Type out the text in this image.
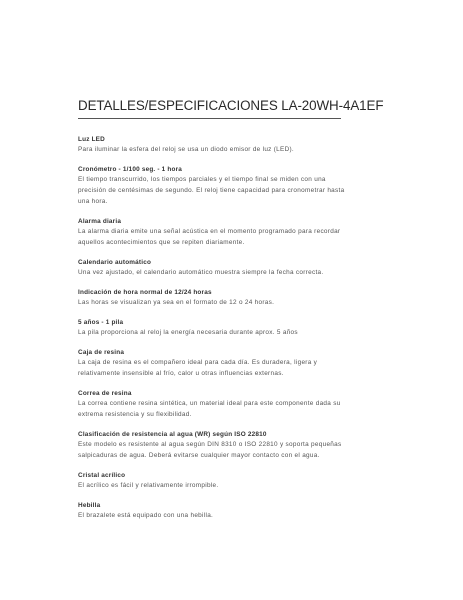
DETALLES/ESPECIFICACIONES LA-20WH-4A1EF
Luz LED
Para iluminar la esfera del reloj se usa un diodo emisor de luz (LED).
Cronómetro - 1/100 seg. - 1 hora
El tiempo transcurrido, los tiempos parciales y el tiempo final se miden con una
precisión de centésimas de segundo. El reloj tiene capacidad para cronometrar hasta
una hora.
Alarma diaria
La alarma diaria emite una señal acústica en el momento programado para recordar
aquellos acontecimientos que se repiten diariamente.
Calendario automático
Una vez ajustado, el calendario automático muestra siempre la fecha correcta.
Indicación de hora normal de 12/24 horas
Las horas se visualizan ya sea en el formato de 12 o 24 horas.
5 años - 1 pila
La pila proporciona al reloj la energía necesaria durante aprox. 5 años
Caja de resina
La caja de resina es el compañero ideal para cada día. Es duradera, ligera y
relativamente insensible al frío, calor u otras influencias externas.
Correa de resina
La correa contiene resina sintética, un material ideal para este componente dada su
extrema resistencia y su flexibilidad.
Clasificación de resistencia al agua (WR) según ISO 22810
Este modelo es resistente al agua según DIN 8310 o ISO 22810 y soporta pequeñas
salpicaduras de agua. Deberá evitarse cualquier mayor contacto con el agua.
Cristal acrílico
El acrílico es fácil y relativamente irrompible.
Hebilla
El brazalete está equipado con una hebilla.
